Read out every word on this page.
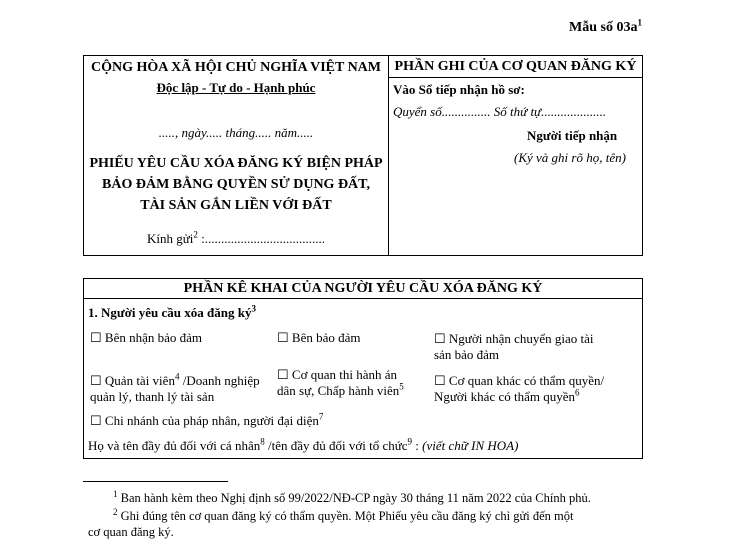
Mẫu số $03a^1$
CỘNG HÒA XÃ HỘI CHỦ NGHĨA VIỆT NAM
Độc lập - Tự do - Hạnh phúc
....., ngày..... tháng..... năm.....
PHIẾU YÊU CẦU XÓA ĐĂNG KÝ BIỆN PHÁP
BẢO ĐẢM BẰNG QUYỀN SỬ DỤNG ĐẤT,
TÀI SẢN GẮN LIỀN VỚI ĐẤT
Kính gửi$^2$ :.....................................
PHẦN GHI CỦA CƠ QUAN ĐĂNG KÝ
Vào Sổ tiếp nhận hồ sơ:
Quyển số............... Số thứ tự....................
Người tiếp nhận
(Ký và ghi rõ họ, tên)
PHẦN KÊ KHAI CỦA NGƯỜI YÊU CẦU XÓA ĐĂNG KÝ
1. Người yêu cầu xóa đăng $ký^3$
☐ Bên nhận bảo đảm	☐ Bên bảo đảm	☐ Người nhận chuyển giao tài
sản bảo đảm
☐ Quản tài viên$^4$ /Doanh nghiệp
quản lý, thanh lý tài sản
☐ Cơ quan thi hành án
dân sự, Chấp hành viên$^5$	☐ Cơ quan khác có thẩm quyền/
Người khác có thẩm quyền$^6$
☐ Chi nhánh của pháp nhân, người đại diện$^7$
Họ và tên đầy đủ đối với cá nhân$^8$ /tên đầy đủ đối với tổ chức$^9$ : (viết chữ IN HOA)
$^1$ Ban hành kèm theo Nghị định số 99/2022/NĐ-CP ngày 30 tháng 11 năm 2022 của Chính phủ.
$^2$ Ghi đúng tên cơ quan đăng ký có thẩm quyền. Một Phiếu yêu cầu đăng ký chỉ gửi đến một
cơ quan đăng ký.
